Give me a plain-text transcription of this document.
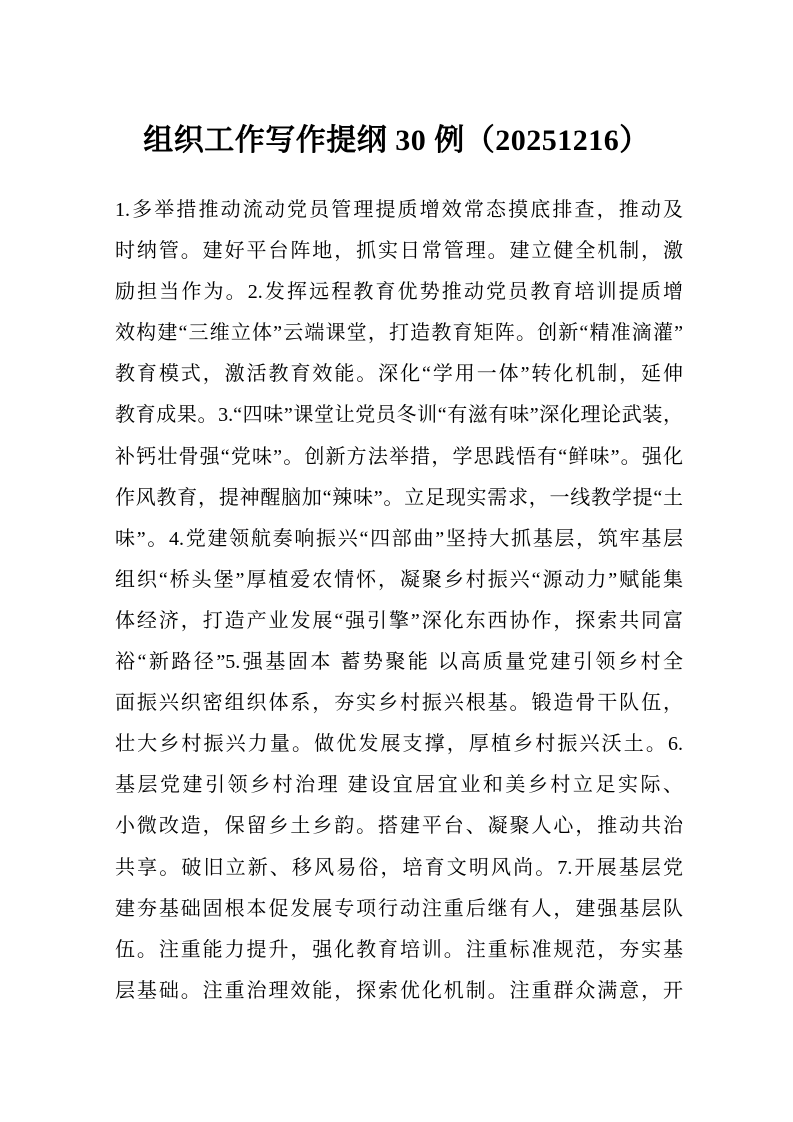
组织工作写作提纲 30 例（20251216）
1.多举措推动流动党员管理提质增效常态摸底排查，推动及
时纳管。建好平台阵地，抓实日常管理。建立健全机制，激
励担当作为。2.发挥远程教育优势推动党员教育培训提质增
效构建“三维立体”云端课堂，打造教育矩阵。创新“精准滴灌”
教育模式，激活教育效能。深化“学用一体”转化机制，延伸
教育成果。3.“四味”课堂让党员冬训“有滋有味”深化理论武装，
补钙壮骨强“党味”。创新方法举措，学思践悟有“鲜味”。强化
作风教育，提神醒脑加“辣味”。立足现实需求，一线教学提“土
味”。4.党建领航奏响振兴“四部曲”坚持大抓基层，筑牢基层
组织“桥头堡”厚植爱农情怀，凝聚乡村振兴“源动力”赋能集
体经济，打造产业发展“强引擎”深化东西协作，探索共同富
裕“新路径”5.强基固本 蓄势聚能 以高质量党建引领乡村全
面振兴织密组织体系，夯实乡村振兴根基。锻造骨干队伍，
壮大乡村振兴力量。做优发展支撑，厚植乡村振兴沃土。6.
基层党建引领乡村治理 建设宜居宜业和美乡村立足实际、
小微改造，保留乡土乡韵。搭建平台、凝聚人心，推动共治
共享。破旧立新、移风易俗，培育文明风尚。7.开展基层党
建夯基础固根本促发展专项行动注重后继有人，建强基层队
伍。注重能力提升，强化教育培训。注重标准规范，夯实基
层基础。注重治理效能，探索优化机制。注重群众满意，开
